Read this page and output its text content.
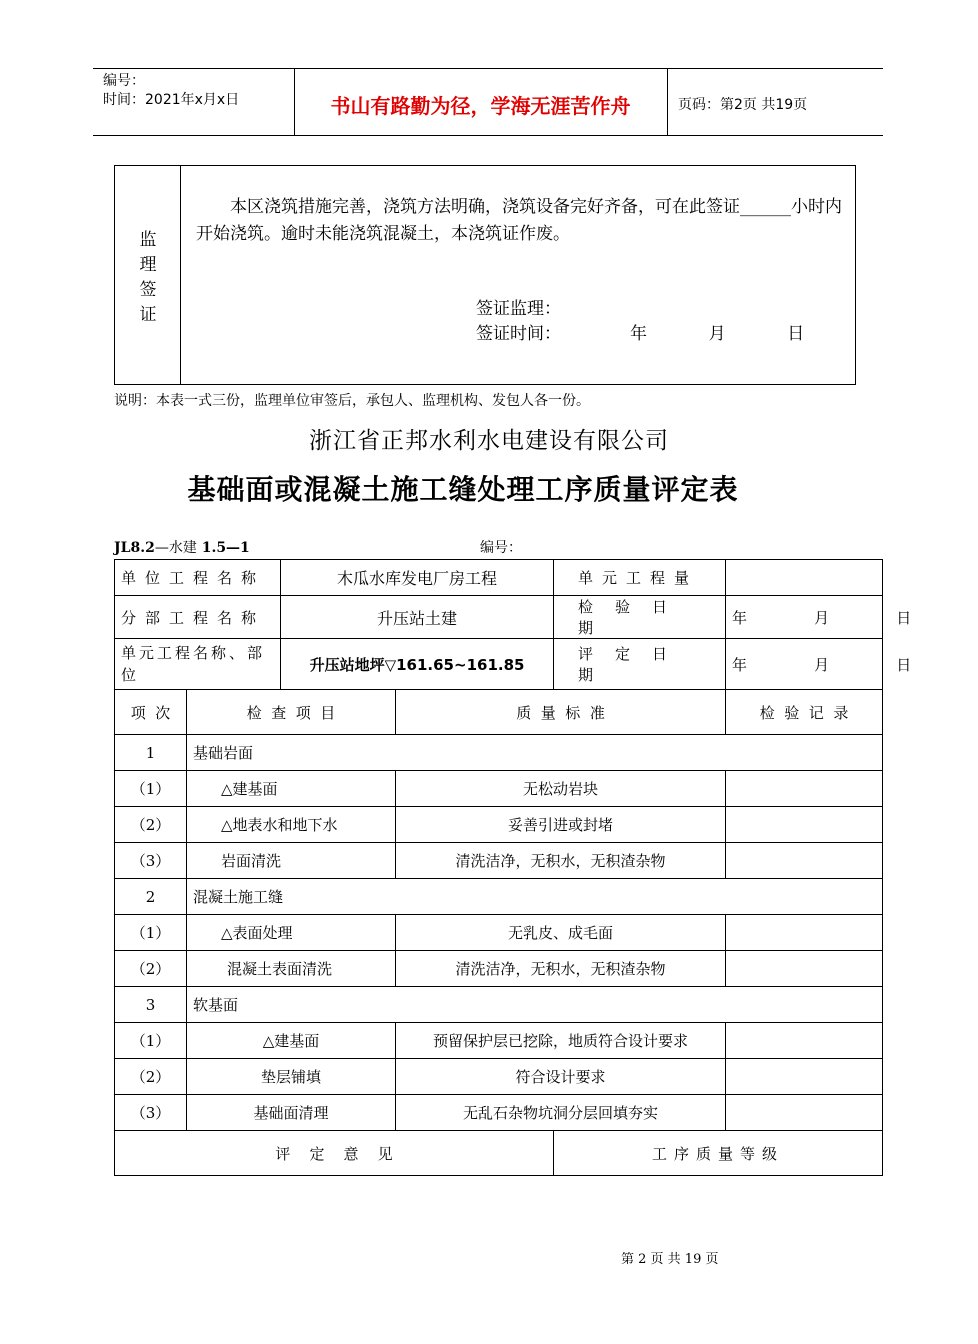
编号：
时间：2021年x月x日	书山有路勤为径，学海无涯苦作舟	页码：第2页 共19页
监
理
签
证
本区浇筑措施完善，浇筑方法明确，浇筑设备完好齐备，可在此签证______小时内开始浇筑。逾时未能浇筑混凝土，本浇筑证作废。
签证监理：
签证时间：	年    月    日
说明：本表一式三份，监理单位审签后，承包人、监理机构、发包人各一份。
浙江省正邦水利水电建设有限公司
基础面或混凝土施工缝处理工序质量评定表
JL8.2—水建 1.5—1	编号：
单位工程名称		木瓜水库发电厂房工程		单元工程量	
分部工程名称		升压站土建		检验日期	年    月    日
单元工程名称、部位		升压站地坪▽161.65~161.85		评定日期	年    月    日
项  次	检  查  项  目		质  量  标  准		检  验  记  录
1	基础岩面				
（1）	△建基面		无松动岩块		
（2）	△地表水和地下水		妥善引进或封堵		
（3）	岩面清洗		清洗洁净，无积水，无积渣杂物		
2	混凝土施工缝				
（1）	△表面处理		无乳皮、成毛面		
（2）	混凝土表面清洗		清洗洁净，无积水，无积渣杂物		
3	软基面				
（1）	△建基面		预留保护层已挖除，地质符合设计要求		
（2）	垫层铺填		符合设计要求		
（3）	基础面清理		无乱石杂物坑洞分层回填夯实		
评    定    意    见				工序质量等级	
第 2 页 共 19 页
